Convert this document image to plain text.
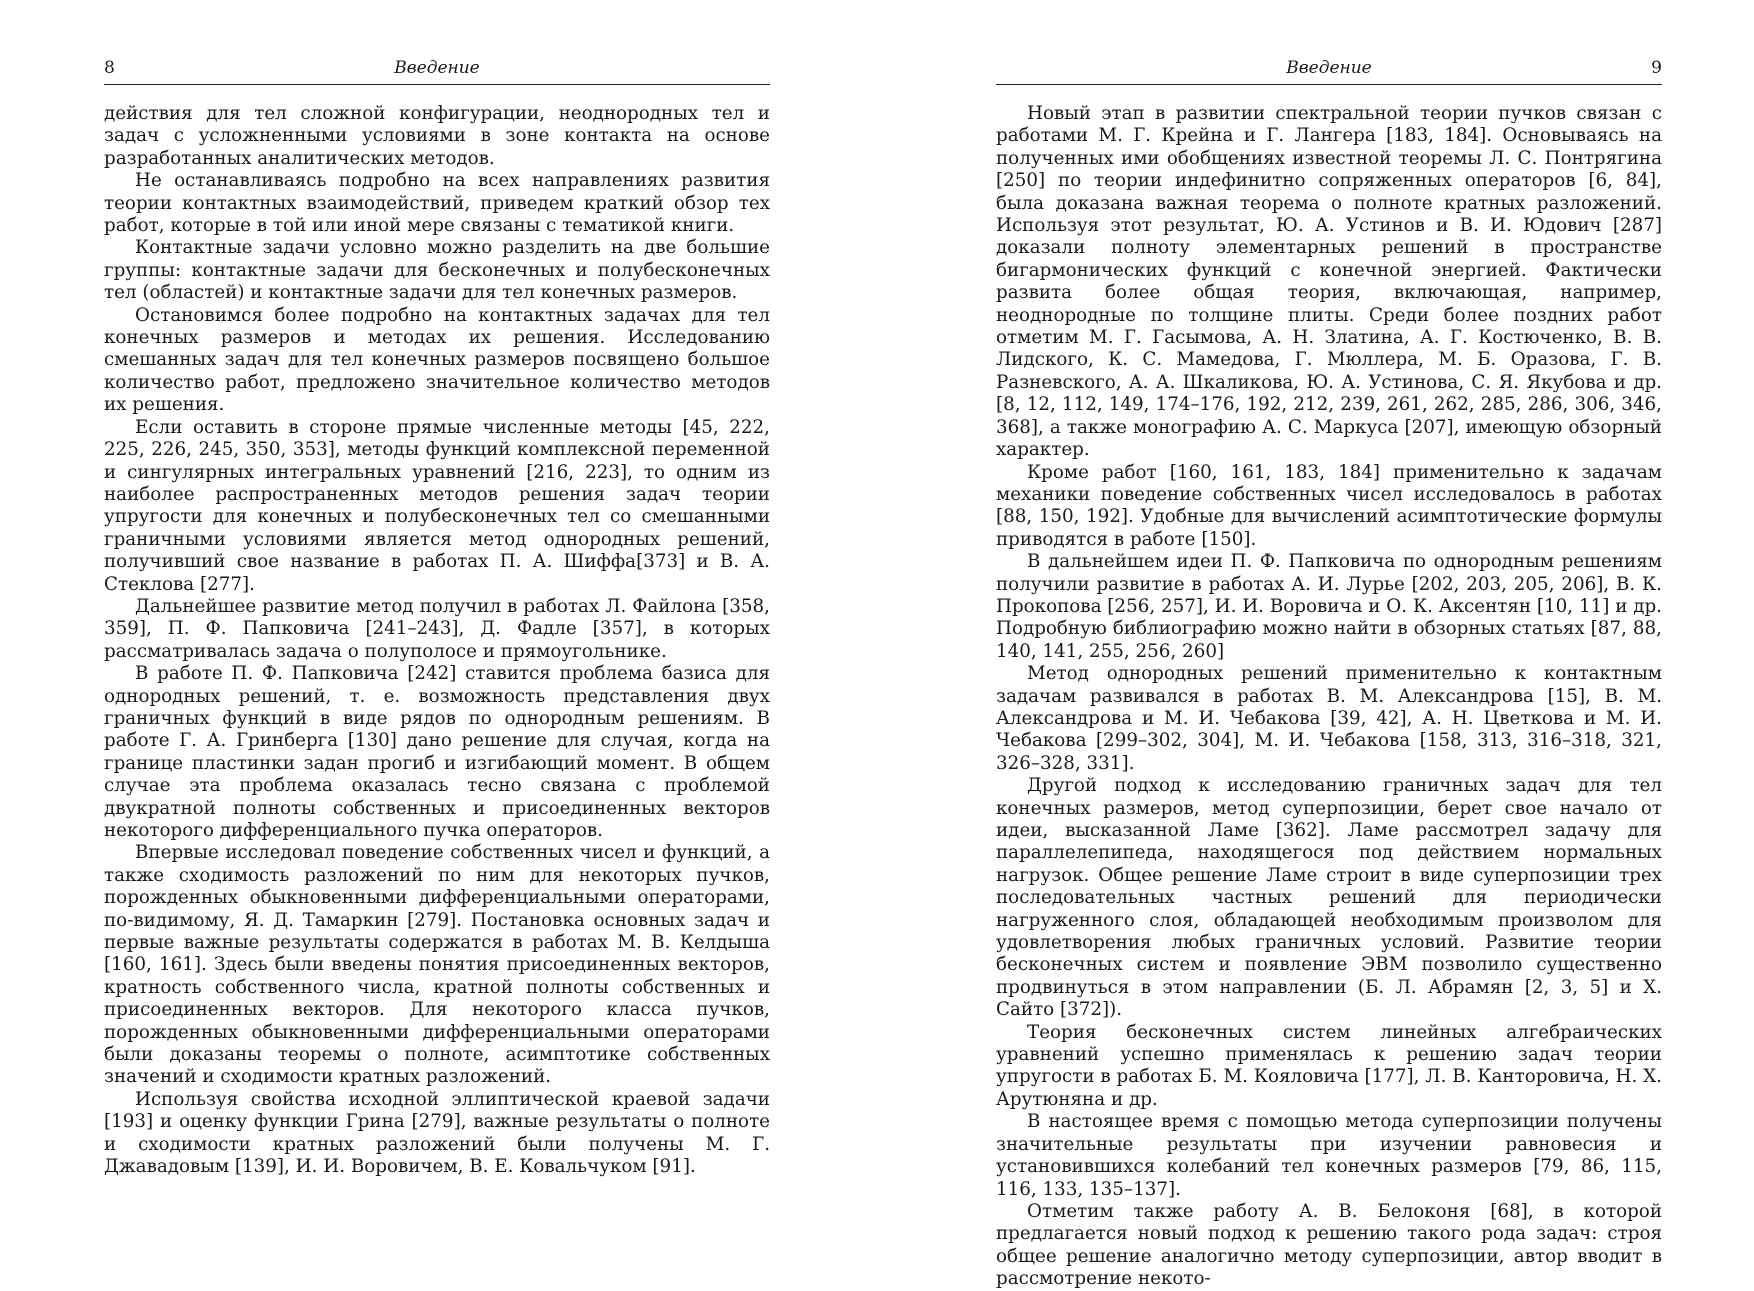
8	Введение

действия для тел сложной конфигурации, неоднородных тел и задач с усложненными условиями в зоне контакта на основе разработанных аналитических методов.

Не останавливаясь подробно на всех направлениях развития теории контактных взаимодействий, приведем краткий обзор тех работ, которые в той или иной мере связаны с тематикой книги.

Контактные задачи условно можно разделить на две большие группы: контактные задачи для бесконечных и полубесконечных тел (областей) и контактные задачи для тел конечных размеров.

Остановимся более подробно на контактных задачах для тел конечных размеров и методах их решения. Исследованию смешанных задач для тел конечных размеров посвящено большое количество работ, предложено значительное количество методов их решения.

Если оставить в стороне прямые численные методы [45, 222, 225, 226, 245, 350, 353], методы функций комплексной переменной и сингулярных интегральных уравнений [216, 223], то одним из наиболее распространенных методов решения задач теории упругости для конечных и полубесконечных тел со смешанными граничными условиями является метод однородных решений, получивший свое название в работах П. А. Шиффа[373] и В. А. Стеклова [277].

Дальнейшее развитие метод получил в работах Л. Файлона [358, 359], П. Ф. Папковича [241–243], Д. Фадле [357], в которых рассматривалась задача о полуполосе и прямоугольнике.

В работе П. Ф. Папковича [242] ставится проблема базиса для однородных решений, т. е. возможность представления двух граничных функций в виде рядов по однородным решениям. В работе Г. А. Гринберга [130] дано решение для случая, когда на границе пластинки задан прогиб и изгибающий момент. В общем случае эта проблема оказалась тесно связана с проблемой двукратной полноты собственных и присоединенных векторов некоторого дифференциального пучка операторов.

Впервые исследовал поведение собственных чисел и функций, а также сходимость разложений по ним для некоторых пучков, порожденных обыкновенными дифференциальными операторами, по-видимому, Я. Д. Тамаркин [279]. Постановка основных задач и первые важные результаты содержатся в работах М. В. Келдыша [160, 161]. Здесь были введены понятия присоединенных векторов, кратность собственного числа, кратной полноты собственных и присоединенных векторов. Для некоторого класса пучков, порожденных обыкновенными дифференциальными операторами были доказаны теоремы о полноте, асимптотике собственных значений и сходимости кратных разложений.

Используя свойства исходной эллиптической краевой задачи [193] и оценку функции Грина [279], важные результаты о полноте и сходимости кратных разложений были получены М. Г. Джавадовым [139], И. И. Воровичем, В. Е. Ковальчуком [91].

Введение	9

Новый этап в развитии спектральной теории пучков связан с работами М. Г. Крейна и Г. Лангера [183, 184]. Основываясь на полученных ими обобщениях известной теоремы Л. С. Понтрягина [250] по теории индефинитно сопряженных операторов [6, 84], была доказана важная теорема о полноте кратных разложений. Используя этот результат, Ю. А. Устинов и В. И. Юдович [287] доказали полноту элементарных решений в пространстве бигармонических функций с конечной энергией. Фактически развита более общая теория, включающая, например, неоднородные по толщине плиты. Среди более поздних работ отметим М. Г. Гасымова, А. Н. Златина, А. Г. Костюченко, В. В. Лидского, К. С. Мамедова, Г. Мюллера, М. Б. Оразова, Г. В. Разневского, А. А. Шкаликова, Ю. А. Устинова, С. Я. Якубова и др. [8, 12, 112, 149, 174–176, 192, 212, 239, 261, 262, 285, 286, 306, 346, 368], а также монографию А. С. Маркуса [207], имеющую обзорный характер.

Кроме работ [160, 161, 183, 184] применительно к задачам механики поведение собственных чисел исследовалось в работах [88, 150, 192]. Удобные для вычислений асимптотические формулы приводятся в работе [150].

В дальнейшем идеи П. Ф. Папковича по однородным решениям получили развитие в работах А. И. Лурье [202, 203, 205, 206], В. К. Прокопова [256, 257], И. И. Воровича и О. К. Аксентян [10, 11] и др. Подробную библиографию можно найти в обзорных статьях [87, 88, 140, 141, 255, 256, 260]

Метод однородных решений применительно к контактным задачам развивался в работах В. М. Александрова [15], В. М. Александрова и М. И. Чебакова [39, 42], А. Н. Цветкова и М. И. Чебакова [299–302, 304], М. И. Чебакова [158, 313, 316–318, 321, 326–328, 331].

Другой подход к исследованию граничных задач для тел конечных размеров, метод суперпозиции, берет свое начало от идеи, высказанной Ламе [362]. Ламе рассмотрел задачу для параллелепипеда, находящегося под действием нормальных нагрузок. Общее решение Ламе строит в виде суперпозиции трех последовательных частных решений для периодически нагруженного слоя, обладающей необходимым произволом для удовлетворения любых граничных условий. Развитие теории бесконечных систем и появление ЭВМ позволило существенно продвинуться в этом направлении (Б. Л. Абрамян [2, 3, 5] и Х. Сайто [372]).

Теория бесконечных систем линейных алгебраических уравнений успешно применялась к решению задач теории упругости в работах Б. М. Кояловича [177], Л. В. Канторовича, Н. Х. Арутюняна и др.

В настоящее время с помощью метода суперпозиции получены значительные результаты при изучении равновесия и установившихся колебаний тел конечных размеров [79, 86, 115, 116, 133, 135–137].

Отметим также работу А. В. Белоконя [68], в которой предлагается новый подход к решению такого рода задач: строя общее решение аналогично методу суперпозиции, автор вводит в рассмотрение некото-
